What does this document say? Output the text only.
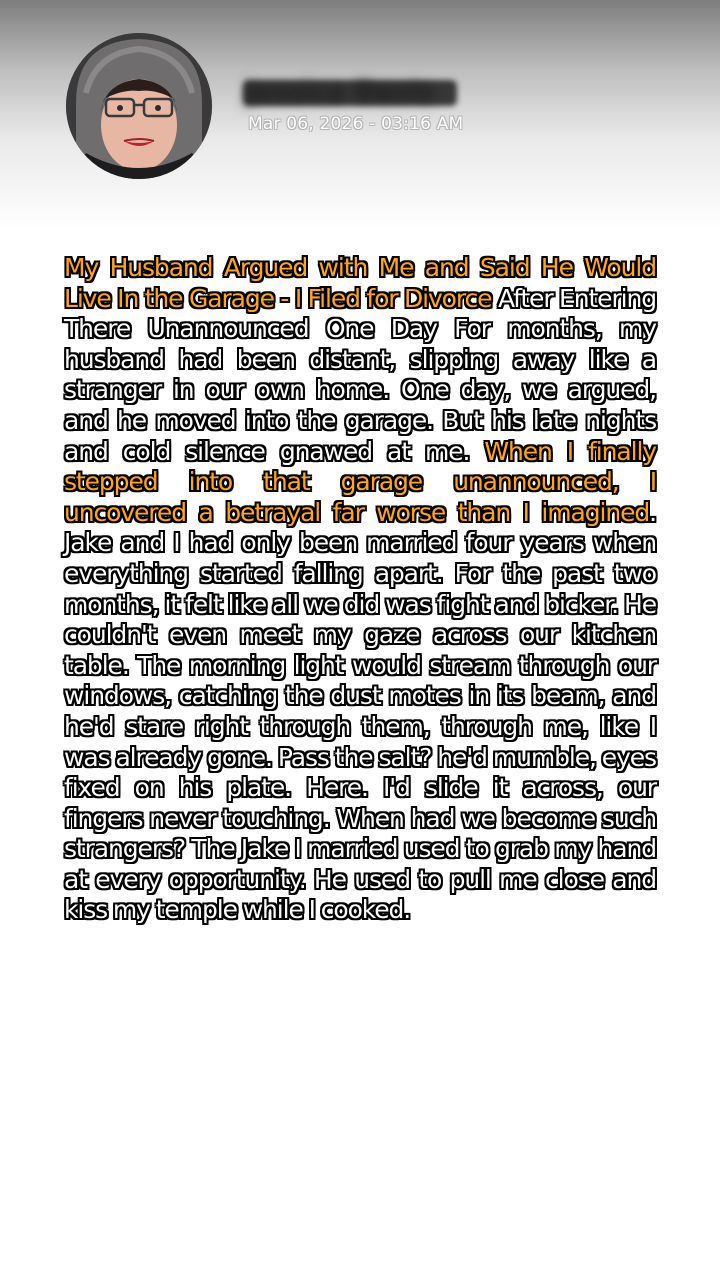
Jessica Davis
Mar 06, 2026 - 03:16 AM
My Husband Argued with Me and Said He Would Live In the Garage - I Filed for Divorce After Entering There Unannounced One Day For months, my husband had been distant, slipping away like a stranger in our own home. One day, we argued, and he moved into the garage. But his late nights and cold silence gnawed at me. When I finally stepped into that garage unannounced, I uncovered a betrayal far worse than I imagined. Jake and I had only been married four years when everything started falling apart. For the past two months, it felt like all we did was fight and bicker. He couldn't even meet my gaze across our kitchen table. The morning light would stream through our windows, catching the dust motes in its beam, and he'd stare right through them, through me, like I was already gone. Pass the salt? he'd mumble, eyes fixed on his plate. Here. I'd slide it across, our fingers never touching. When had we become such strangers? The Jake I married used to grab my hand at every opportunity. He used to pull me close and kiss my temple while I cooked.
